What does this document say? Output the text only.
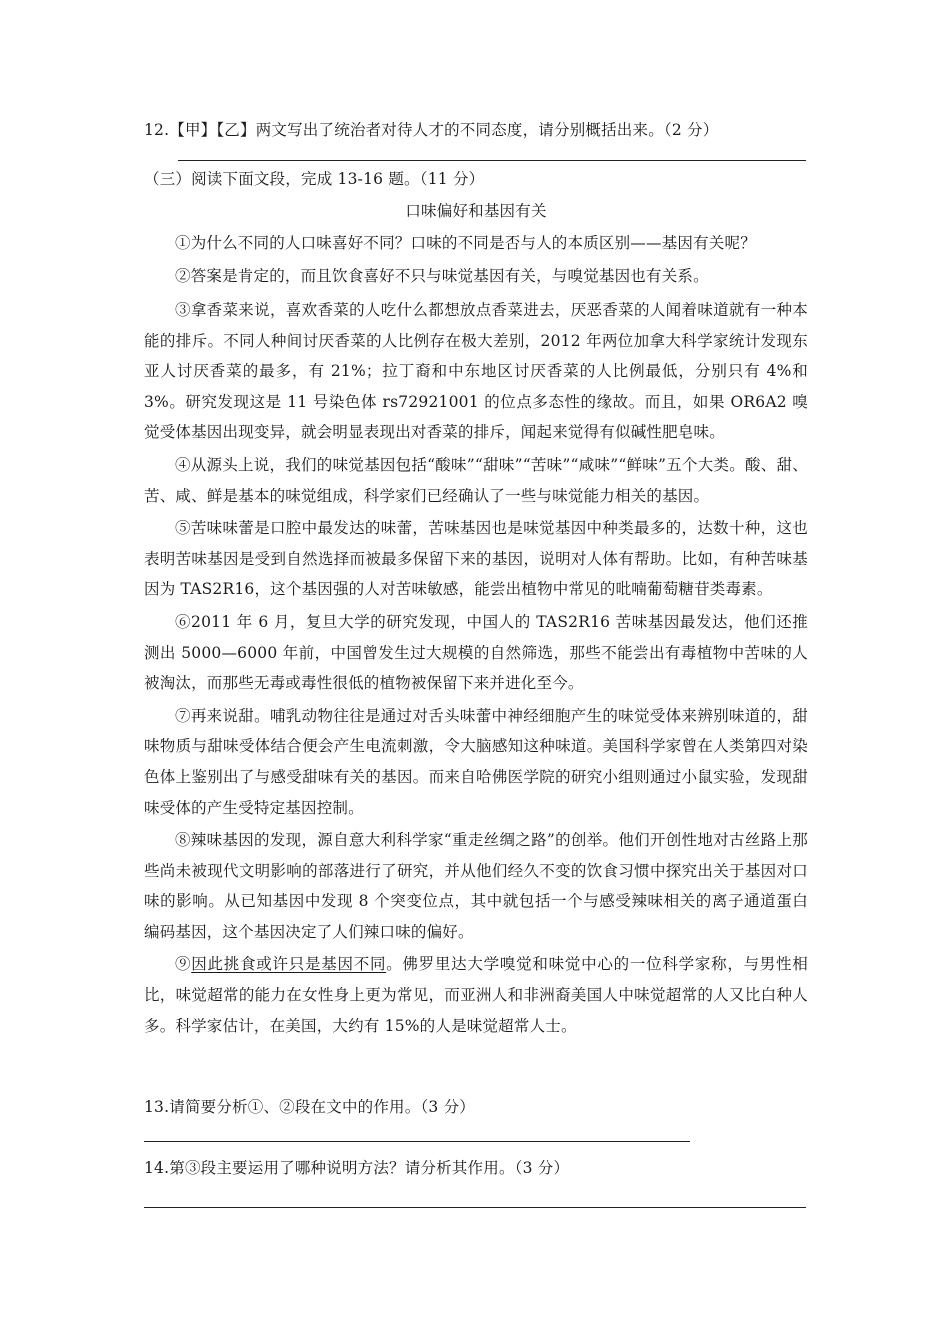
12.【甲】【乙】两文写出了统治者对待人才的不同态度，请分别概括出来。（2 分）
（三）阅读下面文段，完成 13-16 题。（11 分）
口味偏好和基因有关

①为什么不同的人口味喜好不同？口味的不同是否与人的本质区别——基因有关呢？

②答案是肯定的，而且饮食喜好不只与味觉基因有关，与嗅觉基因也有关系。

③拿香菜来说，喜欢香菜的人吃什么都想放点香菜进去，厌恶香菜的人闻着味道就有一种本能的排斥。不同人种间讨厌香菜的人比例存在极大差别，2012 年两位加拿大科学家统计发现东亚人讨厌香菜的最多，有 21%；拉丁裔和中东地区讨厌香菜的人比例最低，分别只有 4%和 3%。研究发现这是 11 号染色体 rs72921001 的位点多态性的缘故。而且，如果 OR6A2 嗅觉受体基因出现变异，就会明显表现出对香菜的排斥，闻起来觉得有似碱性肥皂味。

④从源头上说，我们的味觉基因包括“酸味”“甜味”“苦味”“咸味”“鲜味”五个大类。酸、甜、苦、咸、鲜是基本的味觉组成，科学家们已经确认了一些与味觉能力相关的基因。

⑤苦味味蕾是口腔中最发达的味蕾，苦味基因也是味觉基因中种类最多的，达数十种，这也表明苦味基因是受到自然选择而被最多保留下来的基因，说明对人体有帮助。比如，有种苦味基因为 TAS2R16，这个基因强的人对苦味敏感，能尝出植物中常见的吡喃葡萄糖苷类毒素。

⑥2011 年 6 月，复旦大学的研究发现，中国人的 TAS2R16 苦味基因最发达，他们还推测出 5000—6000 年前，中国曾发生过大规模的自然筛选，那些不能尝出有毒植物中苦味的人被淘汰，而那些无毒或毒性很低的植物被保留下来并进化至今。

⑦再来说甜。哺乳动物往往是通过对舌头味蕾中神经细胞产生的味觉受体来辨别味道的，甜味物质与甜味受体结合便会产生电流刺激，令大脑感知这种味道。美国科学家曾在人类第四对染色体上鉴别出了与感受甜味有关的基因。而来自哈佛医学院的研究小组则通过小鼠实验，发现甜味受体的产生受特定基因控制。

⑧辣味基因的发现，源自意大利科学家“重走丝绸之路”的创举。他们开创性地对古丝路上那些尚未被现代文明影响的部落进行了研究，并从他们经久不变的饮食习惯中探究出关于基因对口味的影响。从已知基因中发现 8 个突变位点，其中就包括一个与感受辣味相关的离子通道蛋白编码基因，这个基因决定了人们辣口味的偏好。

⑨因此挑食或许只是基因不同。佛罗里达大学嗅觉和味觉中心的一位科学家称，与男性相比，味觉超常的能力在女性身上更为常见，而亚洲人和非洲裔美国人中味觉超常的人又比白种人多。科学家估计，在美国，大约有 15%的人是味觉超常人士。

13.请简要分析①、②段在文中的作用。（3 分）
14.第③段主要运用了哪种说明方法？请分析其作用。（3 分）
